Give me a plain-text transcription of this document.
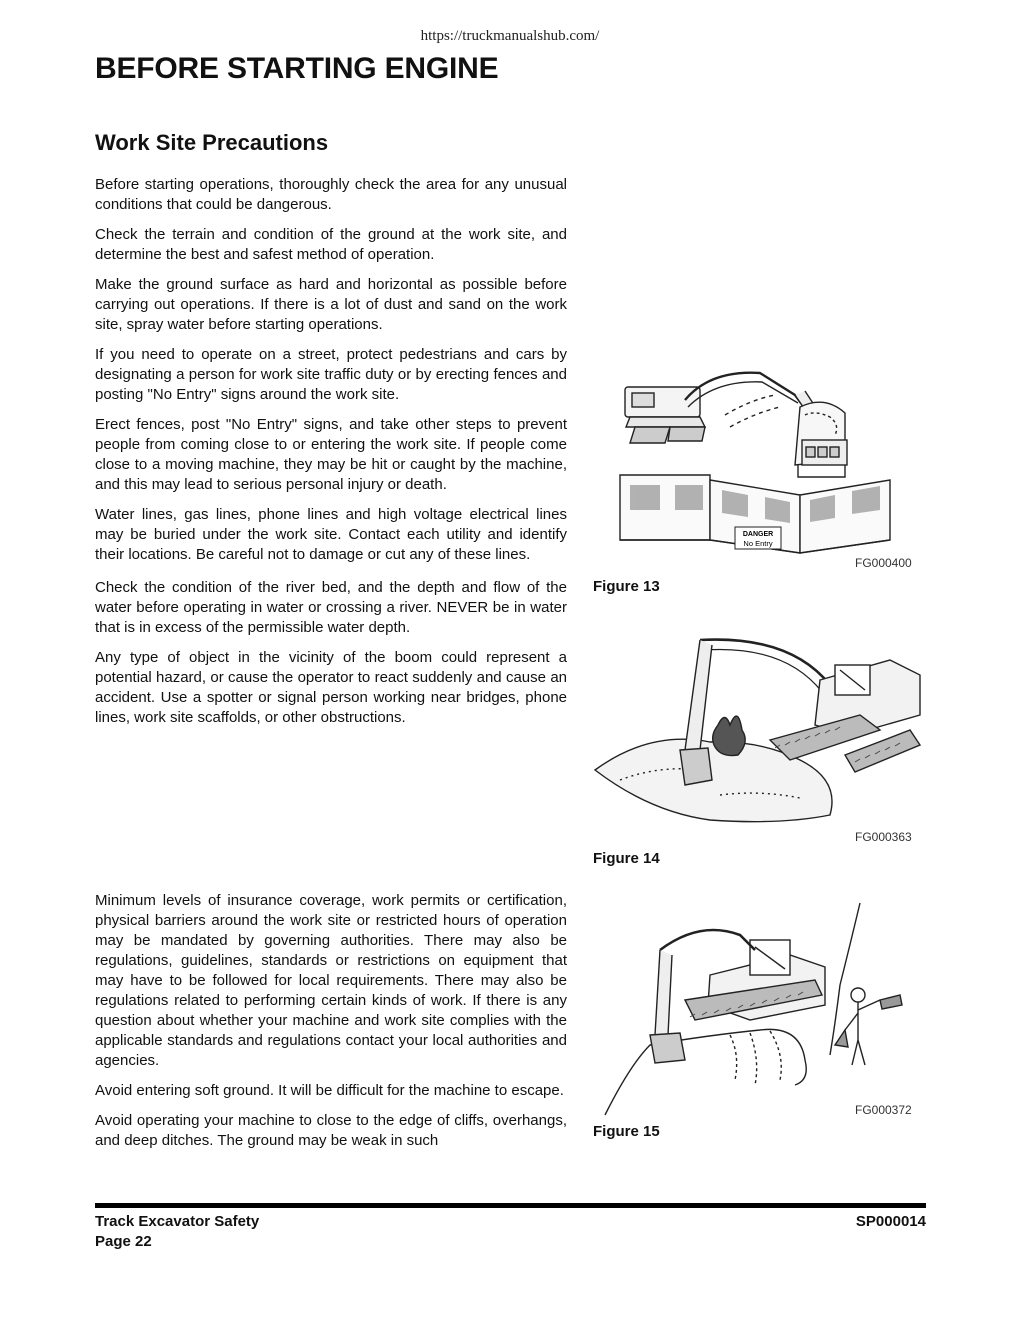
https://truckmanualshub.com/
BEFORE STARTING ENGINE
Work Site Precautions

Before starting operations, thoroughly check the area for any unusual conditions that could be dangerous.

Check the terrain and condition of the ground at the work site, and determine the best and safest method of operation.

Make the ground surface as hard and horizontal as possible before carrying out operations. If there is a lot of dust and sand on the work site, spray water before starting operations.

If you need to operate on a street, protect pedestrians and cars by designating a person for work site traffic duty or by erecting fences and posting "No Entry" signs around the work site.

Erect fences, post "No Entry" signs, and take other steps to prevent people from coming close to or entering the work site. If people come close to a moving machine, they may be hit or caught by the machine, and this may lead to serious personal injury or death.

Water lines, gas lines, phone lines and high voltage electrical lines may be buried under the work site. Contact each utility and identify their locations. Be careful not to damage or cut any of these lines.

Check the condition of the river bed, and the depth and flow of the water before operating in water or crossing a river. NEVER be in water that is in excess of the permissible water depth.

Any type of object in the vicinity of the boom could represent a potential hazard, or cause the operator to react suddenly and cause an accident. Use a spotter or signal person working near bridges, phone lines, work site scaffolds, or other obstructions.

Minimum levels of insurance coverage, work permits or certification, physical barriers around the work site or restricted hours of operation may be mandated by governing authorities. There may also be regulations, guidelines, standards or restrictions on equipment that may have to be followed for local requirements. There may also be regulations related to performing certain kinds of work. If there is any question about whether your machine and work site complies with the applicable standards and regulations contact your local authorities and agencies.

Avoid entering soft ground. It will be difficult for the machine to escape.

Avoid operating your machine to close to the edge of cliffs, overhangs, and deep ditches. The ground may be weak in such

DANGER
No Entry
FG000400
Figure 13
FG000363
Figure 14
FG000372
Figure 15
Track Excavator Safety
Page 22
SP000014
